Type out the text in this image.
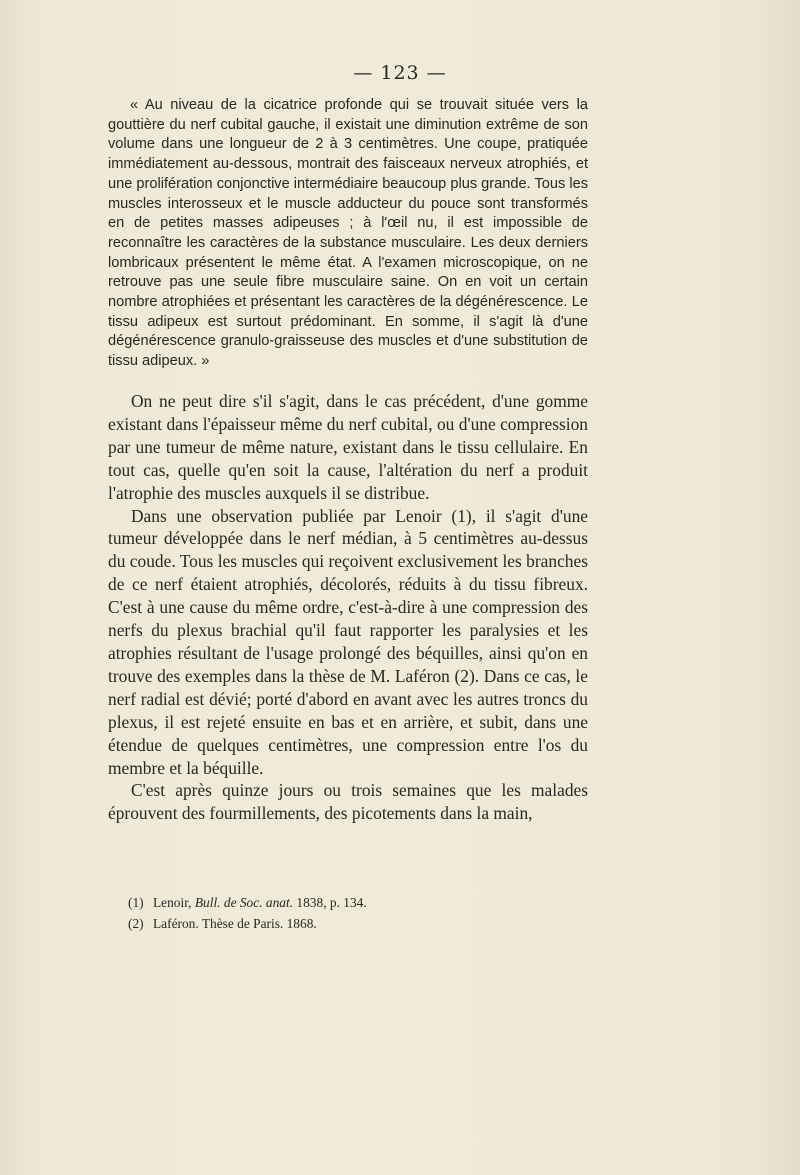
— 123 —

« Au niveau de la cicatrice profonde qui se trouvait située vers la gouttière du nerf cubital gauche, il existait une diminution extrême de son volume dans une longueur de 2 à 3 centimètres. Une coupe, pratiquée immédiatement au-dessous, montrait des faisceaux nerveux atrophiés, et une prolifération conjonctive intermédiaire beaucoup plus grande. Tous les muscles interosseux et le muscle adducteur du pouce sont transformés en de petites masses adipeuses ; à l'œil nu, il est impossible de reconnaître les caractères de la substance musculaire. Les deux derniers lombricaux présentent le même état. A l'examen microscopique, on ne retrouve pas une seule fibre musculaire saine. On en voit un certain nombre atrophiées et présentant les caractères de la dégénérescence. Le tissu adipeux est surtout prédominant. En somme, il s'agit là d'une dégénérescence granulo-graisseuse des muscles et d'une substitution de tissu adipeux. »

On ne peut dire s'il s'agit, dans le cas précédent, d'une gomme existant dans l'épaisseur même du nerf cubital, ou d'une compression par une tumeur de même nature, existant dans le tissu cellulaire. En tout cas, quelle qu'en soit la cause, l'altération du nerf a produit l'atrophie des muscles auxquels il se distribue.

Dans une observation publiée par Lenoir (1), il s'agit d'une tumeur développée dans le nerf médian, à 5 centimètres au-dessus du coude. Tous les muscles qui reçoivent exclusivement les branches de ce nerf étaient atrophiés, décolorés, réduits à du tissu fibreux. C'est à une cause du même ordre, c'est-à-dire à une compression des nerfs du plexus brachial qu'il faut rapporter les paralysies et les atrophies résultant de l'usage prolongé des béquilles, ainsi qu'on en trouve des exemples dans la thèse de M. Laféron (2). Dans ce cas, le nerf radial est dévié; porté d'abord en avant avec les autres troncs du plexus, il est rejeté ensuite en bas et en arrière, et subit, dans une étendue de quelques centimètres, une compression entre l'os du membre et la béquille.

C'est après quinze jours ou trois semaines que les malades éprouvent des fourmillements, des picotements dans la main,

(1) Lenoir, Bull. de Soc. anat. 1838, p. 134.

(2) Laféron. Thèse de Paris. 1868.
